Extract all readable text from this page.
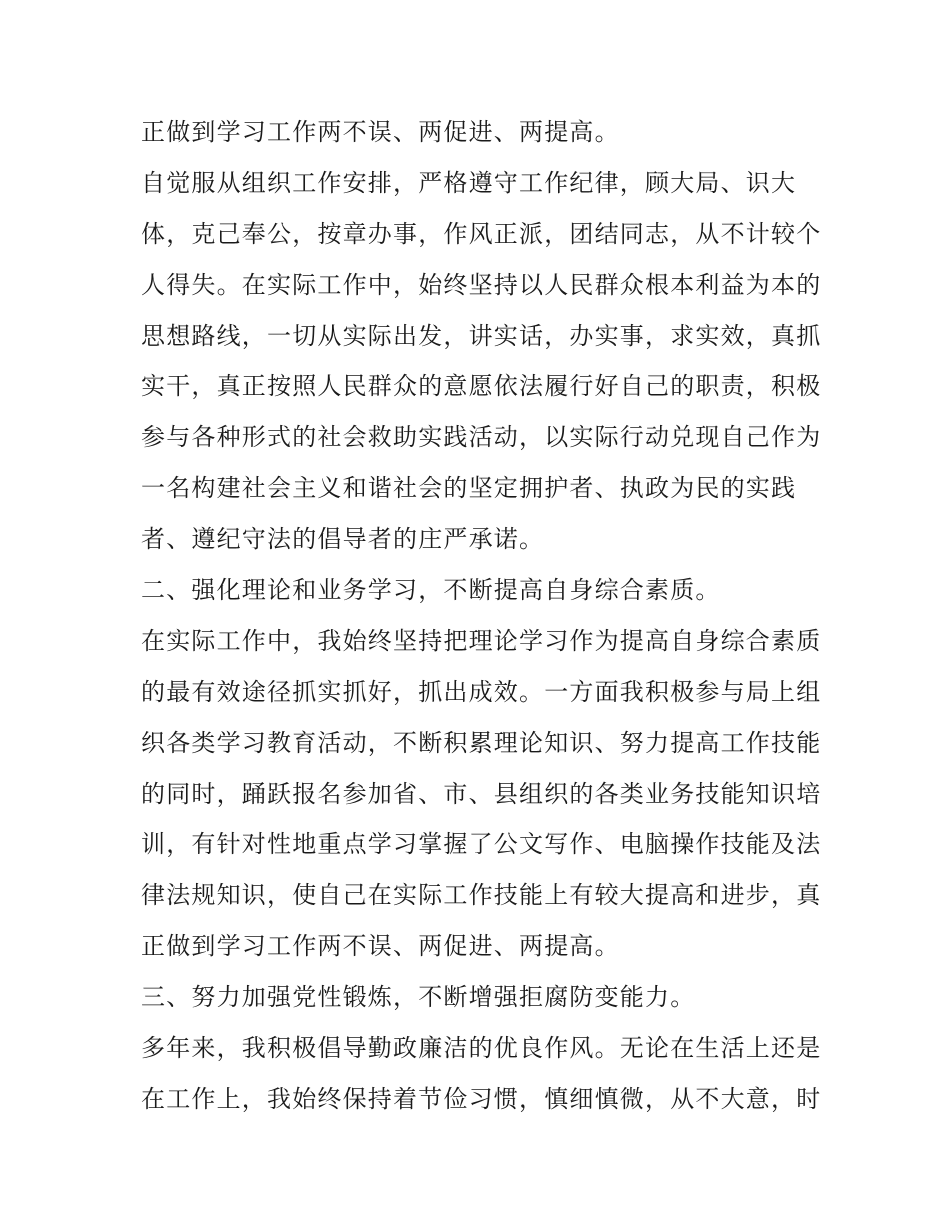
正做到学习工作两不误、两促进、两提高。
自觉服从组织工作安排，严格遵守工作纪律，顾大局、识大
体，克己奉公，按章办事，作风正派，团结同志，从不计较个
人得失。在实际工作中，始终坚持以人民群众根本利益为本的
思想路线，一切从实际出发，讲实话，办实事，求实效，真抓
实干，真正按照人民群众的意愿依法履行好自己的职责，积极
参与各种形式的社会救助实践活动，以实际行动兑现自己作为
一名构建社会主义和谐社会的坚定拥护者、执政为民的实践
者、遵纪守法的倡导者的庄严承诺。
二、强化理论和业务学习，不断提高自身综合素质。
在实际工作中，我始终坚持把理论学习作为提高自身综合素质
的最有效途径抓实抓好，抓出成效。一方面我积极参与局上组
织各类学习教育活动，不断积累理论知识、努力提高工作技能
的同时，踊跃报名参加省、市、县组织的各类业务技能知识培
训，有针对性地重点学习掌握了公文写作、电脑操作技能及法
律法规知识，使自己在实际工作技能上有较大提高和进步，真
正做到学习工作两不误、两促进、两提高。
三、努力加强党性锻炼，不断增强拒腐防变能力。
多年来，我积极倡导勤政廉洁的优良作风。无论在生活上还是
在工作上，我始终保持着节俭习惯，慎细慎微，从不大意，时
